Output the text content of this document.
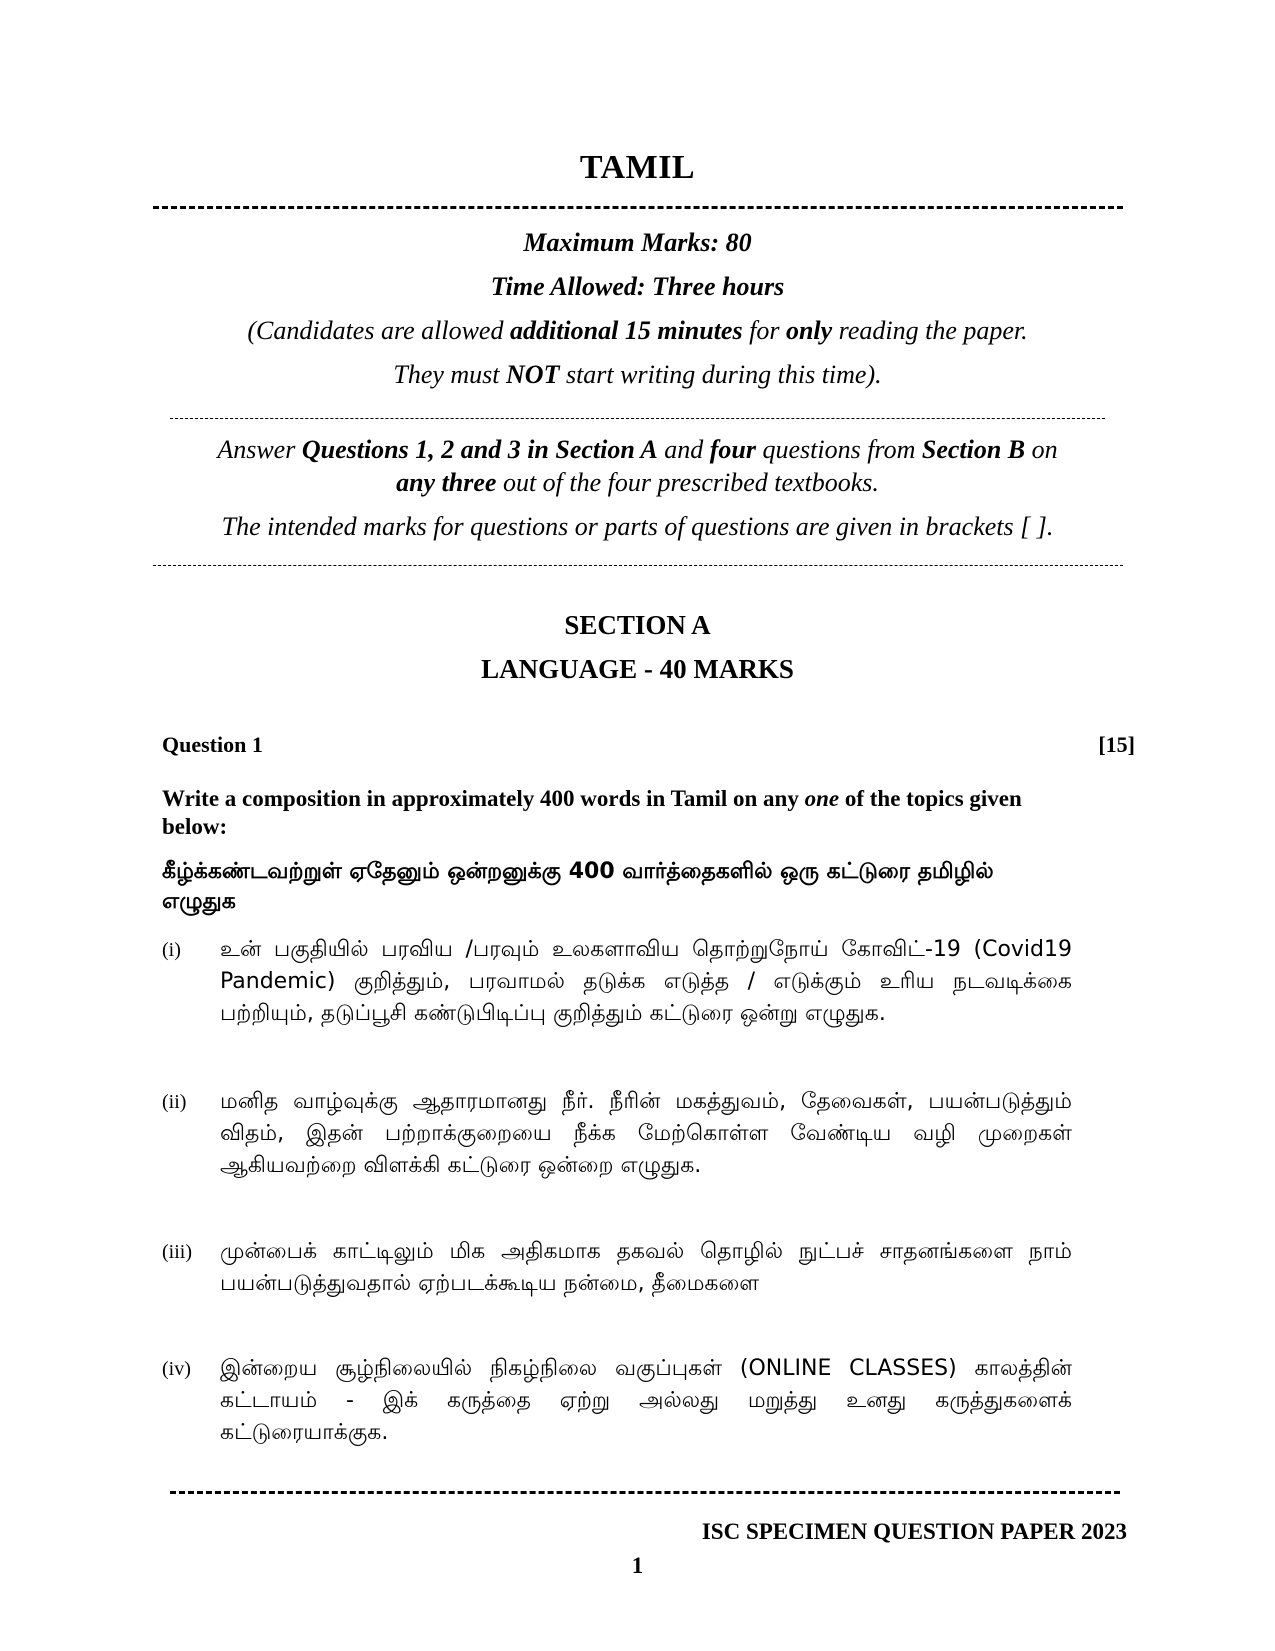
TAMIL
Maximum Marks: 80
Time Allowed: Three hours
(Candidates are allowed additional 15 minutes for only reading the paper.
They must NOT start writing during this time).
Answer Questions 1, 2 and 3 in Section A and four questions from Section B on
any three out of the four prescribed textbooks.
The intended marks for questions or parts of questions are given in brackets [ ].
SECTION A
LANGUAGE - 40 MARKS
Question 1	[15]
Write a composition in approximately 400 words in Tamil on any one of the topics given below:
கீழ்க்கண்டவற்றுள் ஏதேனும் ஒன்றனுக்கு 400 வார்த்தைகளில் ஒரு கட்டுரை தமிழில் எழுதுக
(i) உன் பகுதியில் பரவிய /பரவும் உலகளாவிய தொற்றுநோய் கோவிட்-19 (Covid19 Pandemic) குறித்தும், பரவாமல் தடுக்க எடுத்த / எடுக்கும் உரிய நடவடிக்கை பற்றியும், தடுப்பூசி கண்டுபிடிப்பு குறித்தும் கட்டுரை ஒன்று எழுதுக.
(ii) மனித வாழ்வுக்கு ஆதாரமானது நீர். நீரின் மகத்துவம், தேவைகள், பயன்படுத்தும் விதம், இதன் பற்றாக்குறையை நீக்க மேற்கொள்ள வேண்டிய வழி முறைகள் ஆகியவற்றை விளக்கி கட்டுரை ஒன்றை எழுதுக.
(iii) முன்பைக் காட்டிலும் மிக அதிகமாக தகவல் தொழில் நுட்பச் சாதனங்களை நாம் பயன்படுத்துவதால் ஏற்படக்கூடிய நன்மை, தீமைகளை
(iv) இன்றைய சூழ்நிலையில் நிகழ்நிலை வகுப்புகள் (ONLINE CLASSES) காலத்தின் கட்டாயம் - இக் கருத்தை ஏற்று அல்லது மறுத்து உனது கருத்துகளைக் கட்டுரையாக்குக.
ISC SPECIMEN QUESTION PAPER 2023
1
